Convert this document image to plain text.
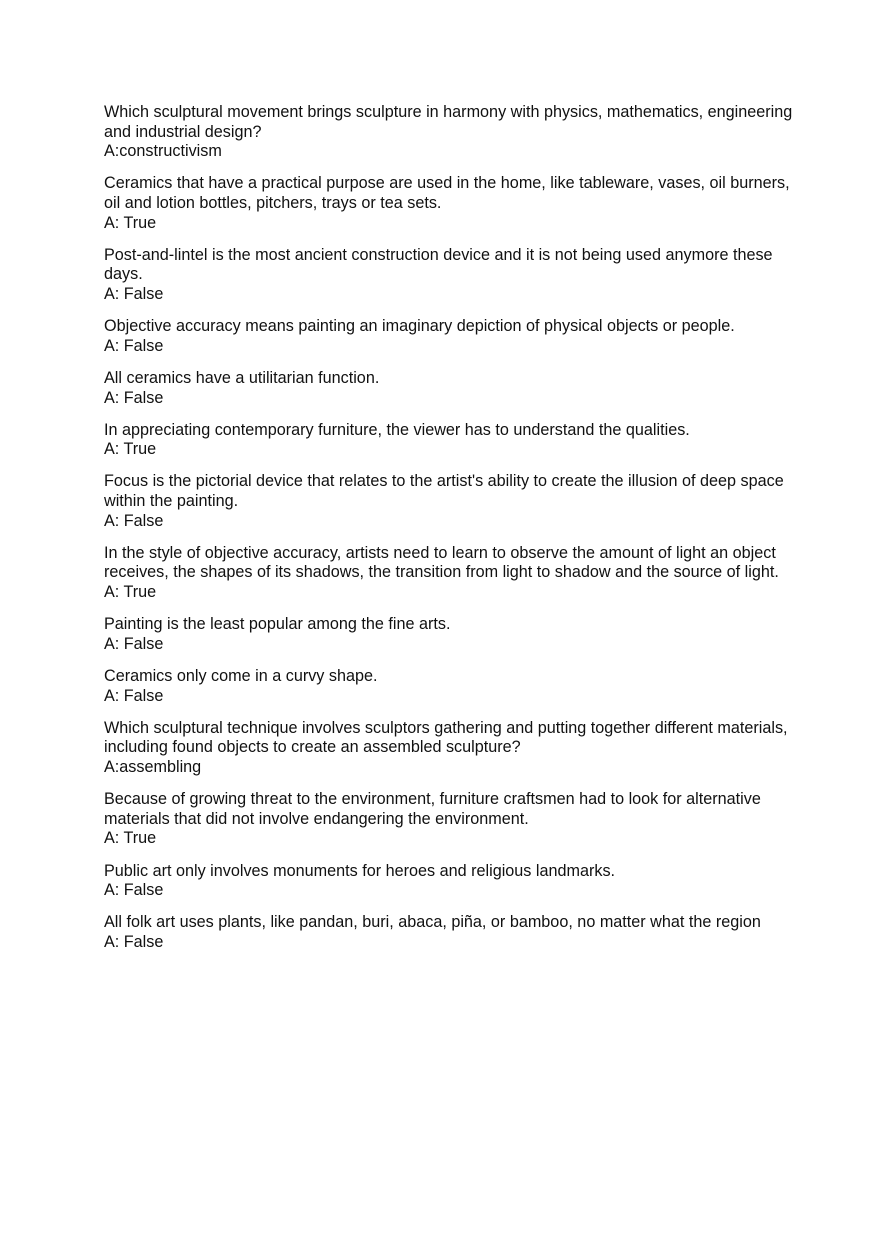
Which sculptural movement brings sculpture in harmony with physics, mathematics, engineering and industrial design?

A:constructivism

Ceramics that have a practical purpose are used in the home, like tableware, vases, oil burners, oil and lotion bottles, pitchers, trays or tea sets.

A: True

Post-and-lintel is the most ancient construction device and it is not being used anymore these days.

A: False

Objective accuracy means painting an imaginary depiction of physical objects or people.

A: False

All ceramics have a utilitarian function.

A: False

In appreciating contemporary furniture, the viewer has to understand the qualities.

A: True

Focus is the pictorial device that relates to the artist's ability to create the illusion of deep space within the painting.

A: False

In the style of objective accuracy, artists need to learn to observe the amount of light an object receives, the shapes of its shadows, the transition from light to shadow and the source of light.

A: True

Painting is the least popular among the fine arts.

A: False

Ceramics only come in a curvy shape.

A: False

Which sculptural technique involves sculptors gathering and putting together different materials, including found objects to create an assembled sculpture?

A:assembling

Because of growing threat to the environment, furniture craftsmen had to look for alternative materials that did not involve endangering the environment.

A: True

Public art only involves monuments for heroes and religious landmarks.

A: False

All folk art uses plants, like pandan, buri, abaca, piña, or bamboo, no matter what the region

A: False
